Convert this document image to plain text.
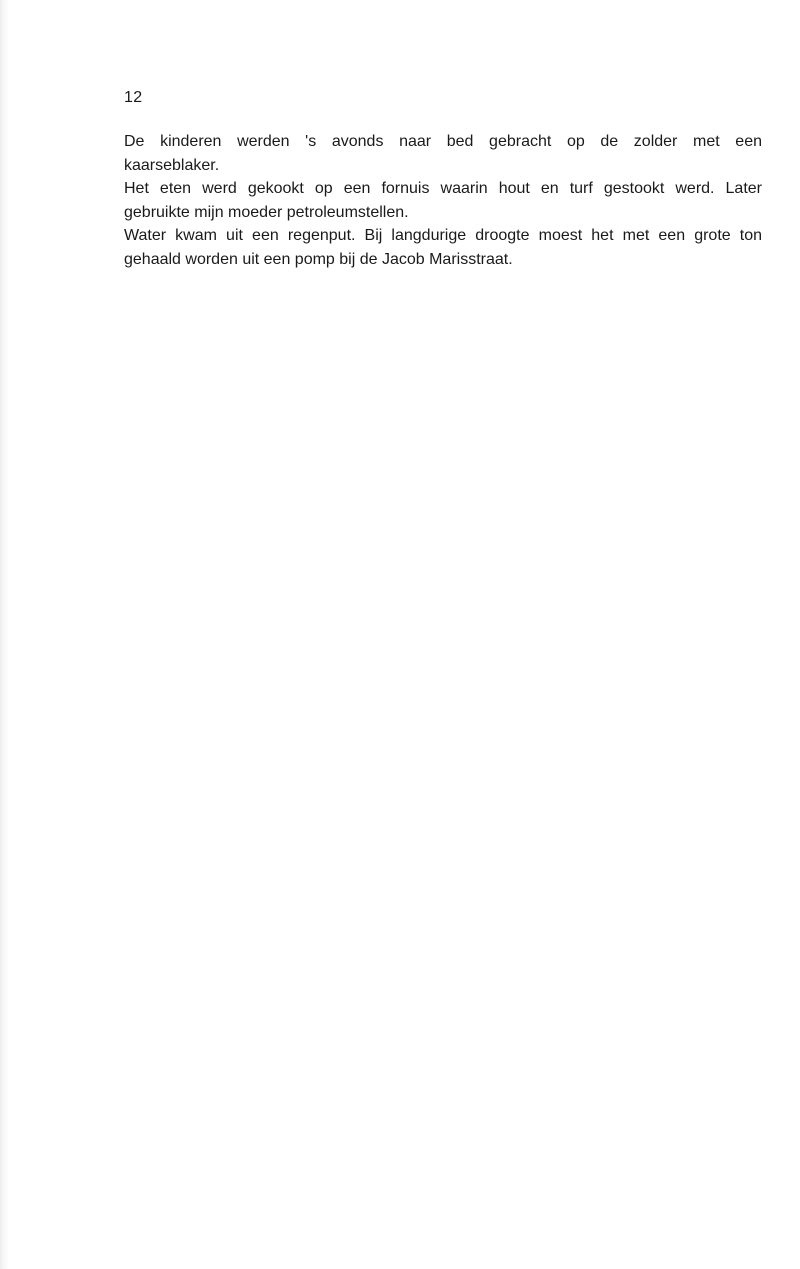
12

De kinderen werden 's avonds naar bed gebracht op de zolder met een

kaarseblaker.

Het eten werd gekookt op een fornuis waarin hout en turf gestookt werd. Later

gebruikte mijn moeder petroleumstellen.

Water kwam uit een regenput. Bij langdurige droogte moest het met een grote ton

gehaald worden uit een pomp bij de Jacob Marisstraat.
